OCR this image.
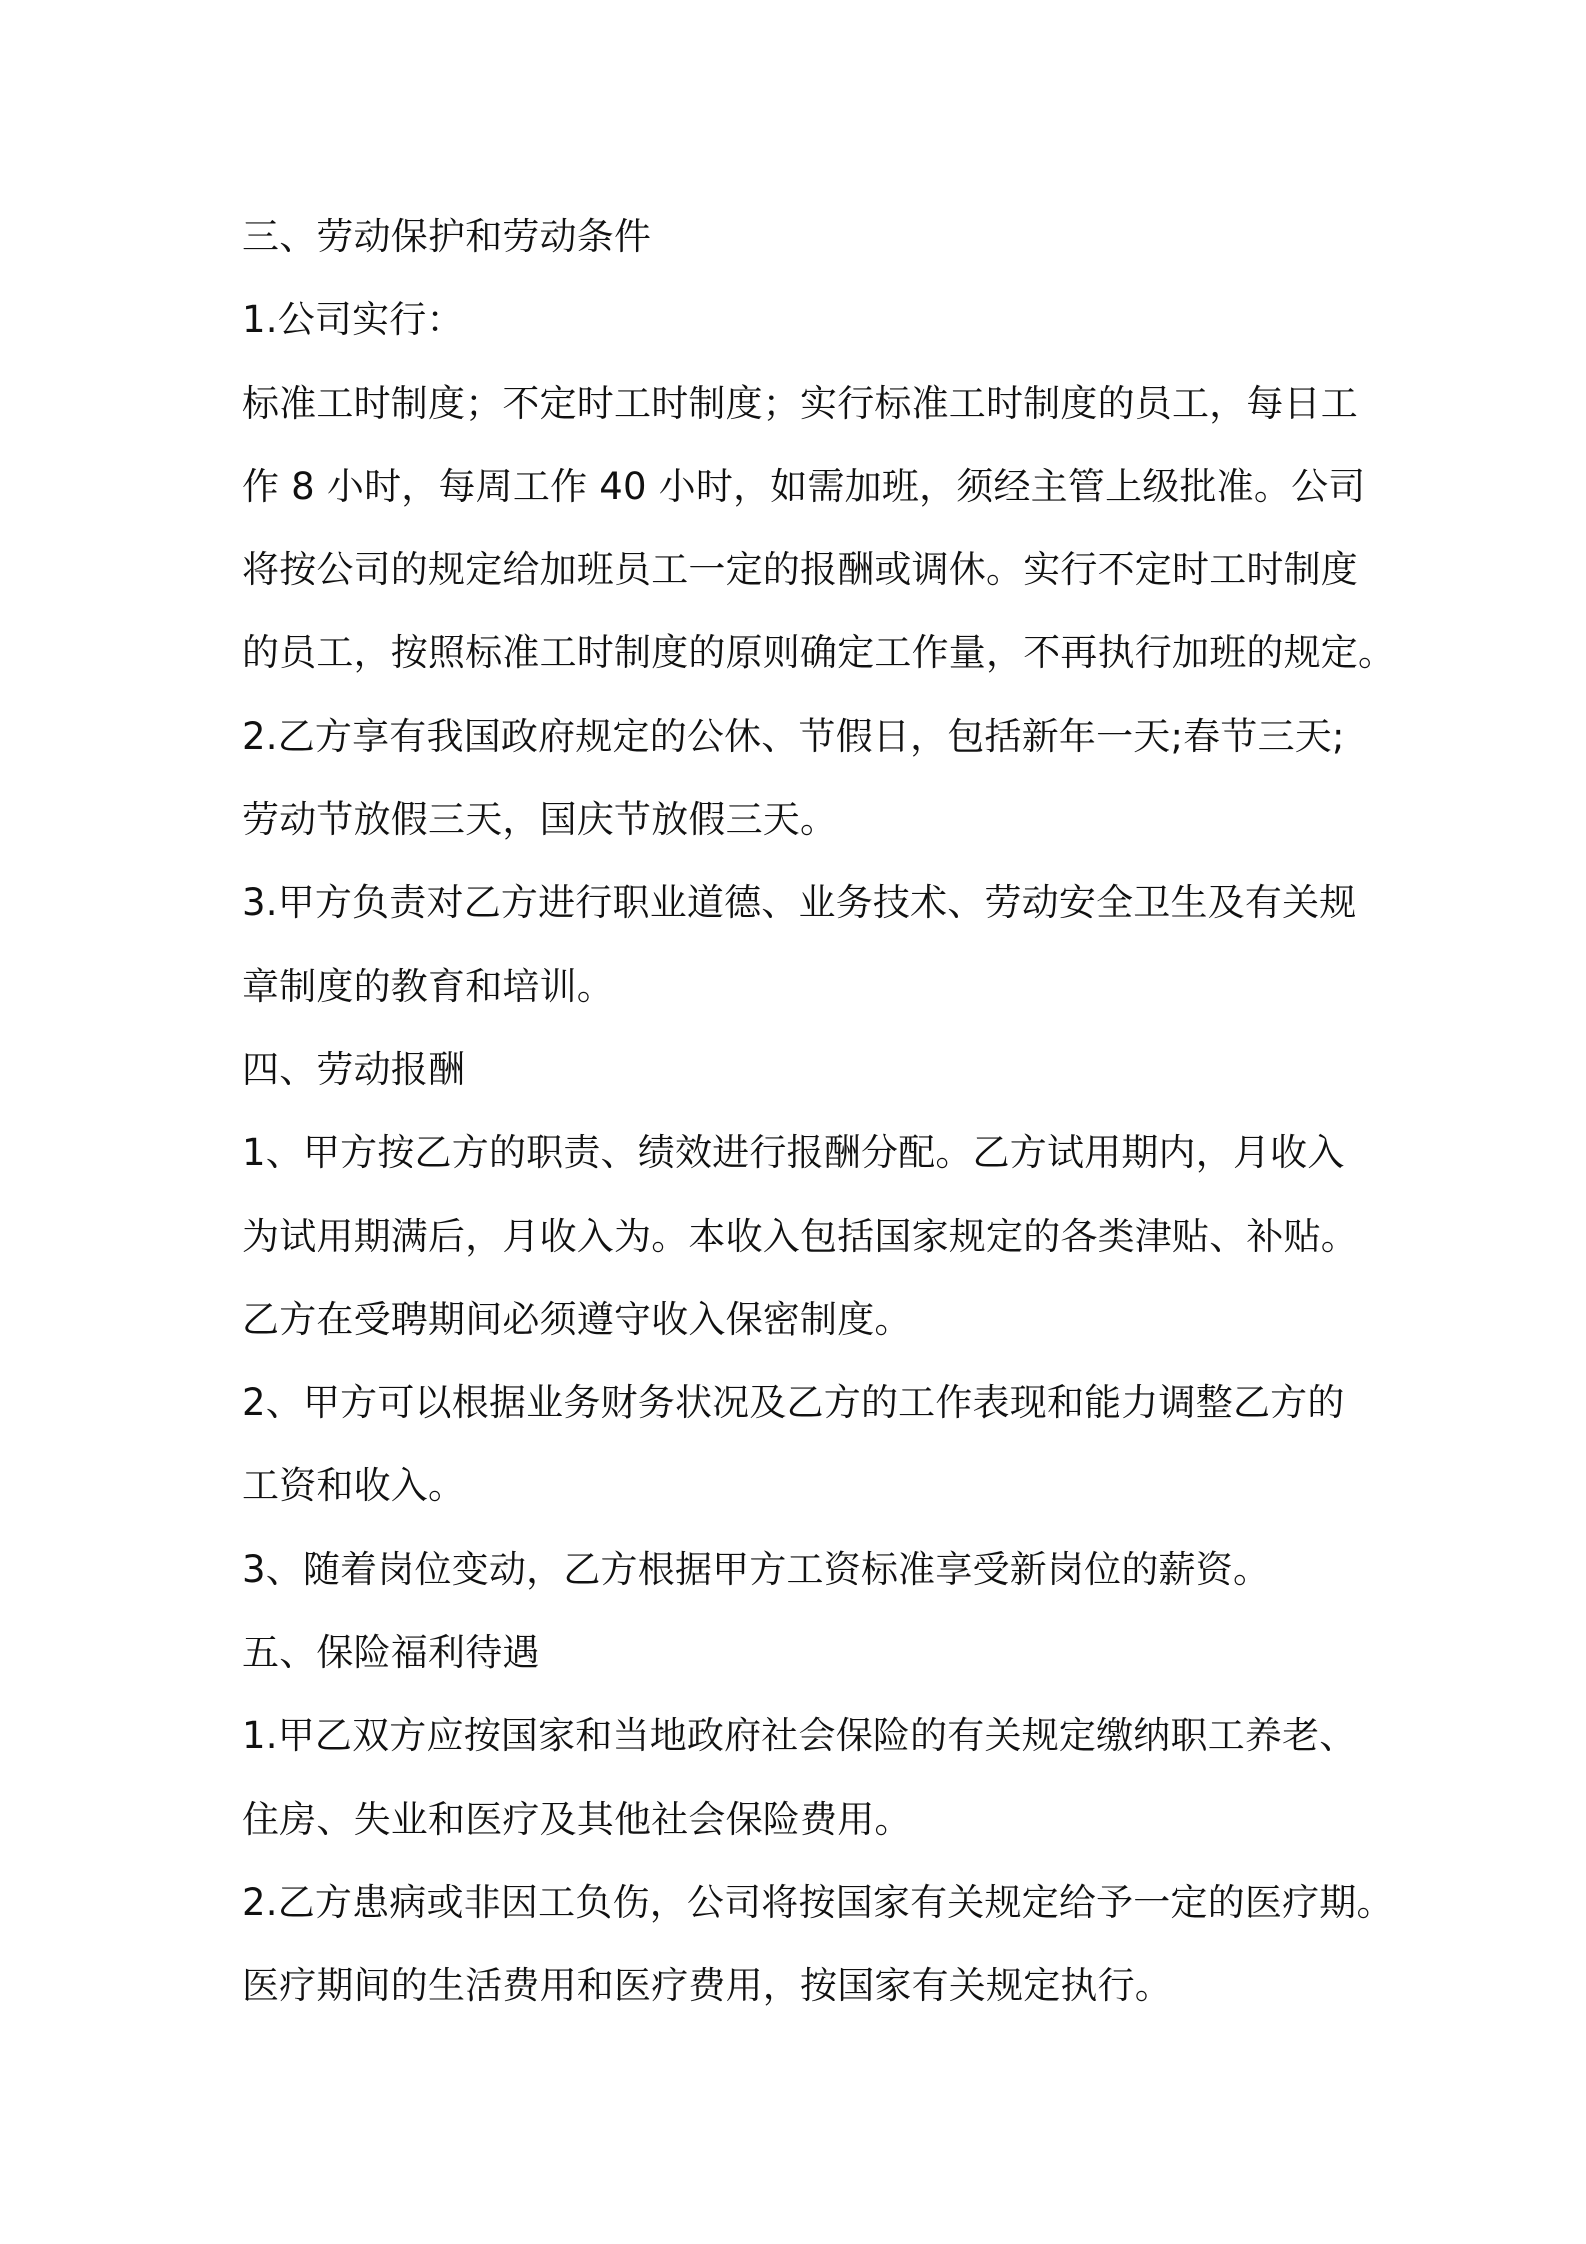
三、劳动保护和劳动条件

1.公司实行：

标准工时制度；不定时工时制度；实行标准工时制度的员工，每日工

作 8 小时，每周工作 40 小时，如需加班，须经主管上级批准。公司

将按公司的规定给加班员工一定的报酬或调休。实行不定时工时制度

的员工，按照标准工时制度的原则确定工作量，不再执行加班的规定。

2.乙方享有我国政府规定的公休、节假日，包括新年一天;春节三天;

劳动节放假三天，国庆节放假三天。

3.甲方负责对乙方进行职业道德、业务技术、劳动安全卫生及有关规

章制度的教育和培训。

四、劳动报酬

1、甲方按乙方的职责、绩效进行报酬分配。乙方试用期内，月收入

为试用期满后，月收入为。本收入包括国家规定的各类津贴、补贴。

乙方在受聘期间必须遵守收入保密制度。

2、甲方可以根据业务财务状况及乙方的工作表现和能力调整乙方的

工资和收入。

3、随着岗位变动，乙方根据甲方工资标准享受新岗位的薪资。

五、保险福利待遇

1.甲乙双方应按国家和当地政府社会保险的有关规定缴纳职工养老、

住房、失业和医疗及其他社会保险费用。

2.乙方患病或非因工负伤，公司将按国家有关规定给予一定的医疗期。

医疗期间的生活费用和医疗费用，按国家有关规定执行。
